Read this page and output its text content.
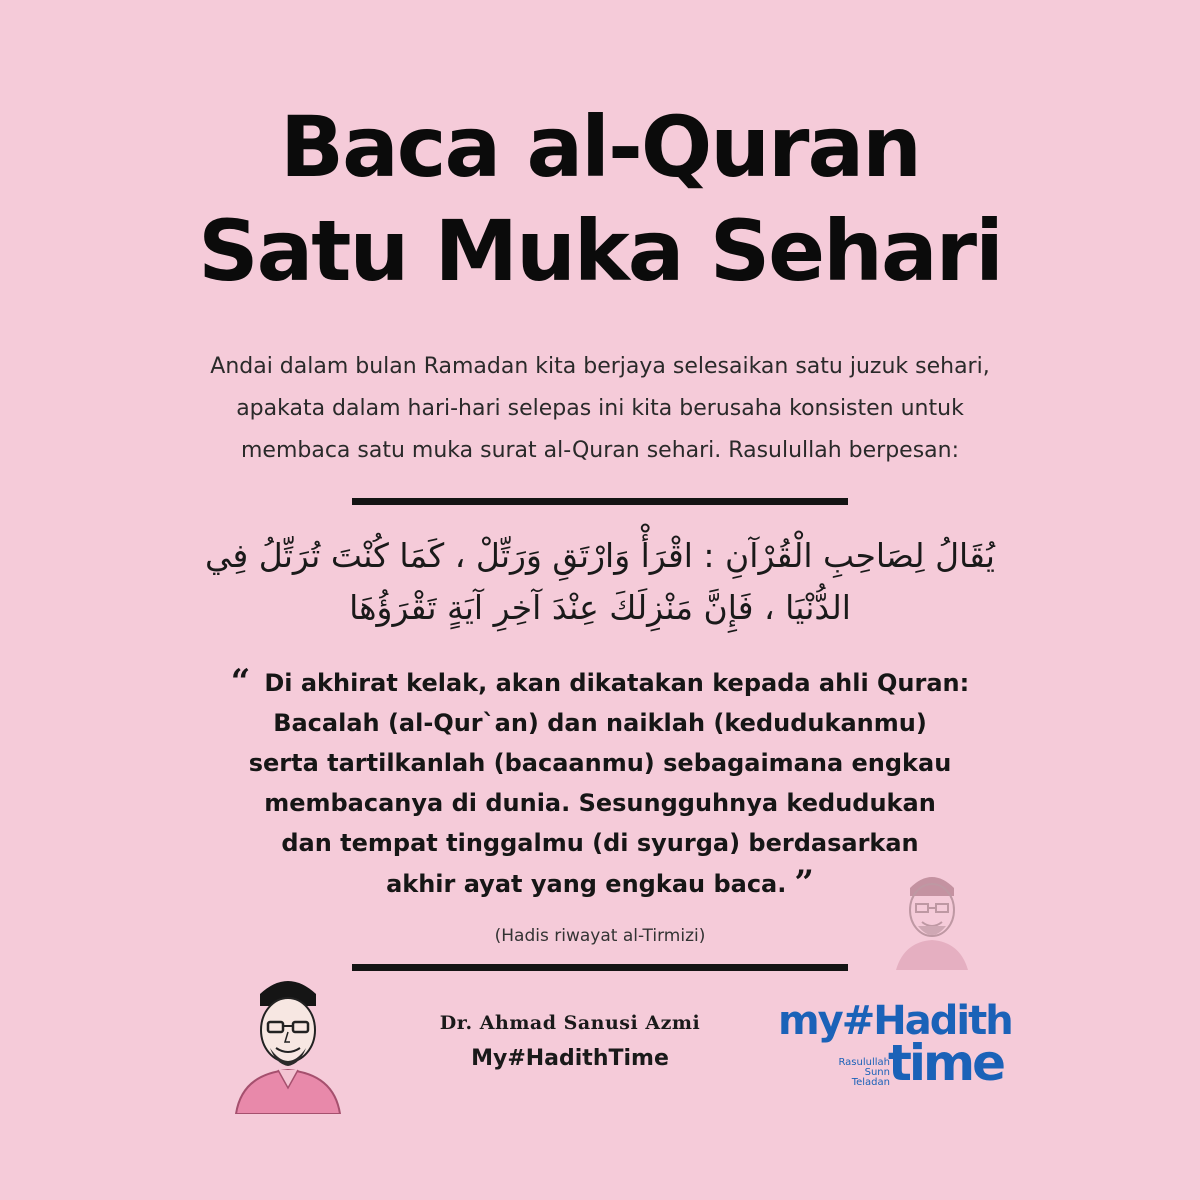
Baca al-Quran
Satu Muka Sehari
Andai dalam bulan Ramadan kita berjaya selesaikan satu juzuk sehari,
apakata dalam hari-hari selepas ini kita berusaha konsisten untuk
membaca satu muka surat al-Quran sehari. Rasulullah berpesan:
يُقَالُ لِصَاحِبِ الْقُرْآنِ : اقْرَأْ وَارْتَقِ وَرَتِّلْ ، كَمَا كُنْتَ تُرَتِّلُ فِي
الدُّنْيَا ، فَإِنَّ مَنْزِلَكَ عِنْدَ آخِرِ آيَةٍ تَقْرَؤُهَا
“ Di akhirat kelak, akan dikatakan kepada ahli Quran:
Bacalah (al-Qur`an) dan naiklah (kedudukanmu)
serta tartilkanlah (bacaanmu) sebagaimana engkau
membacanya di dunia. Sesungguhnya kedudukan
dan tempat tinggalmu (di syurga) berdasarkan
akhir ayat yang engkau baca. ”
(Hadis riwayat al-Tirmizi)
Dr. Ahmad Sanusi Azmi
My#HadithTime
my#Hadith
Rasulullah
Sunn
Teladan
time
